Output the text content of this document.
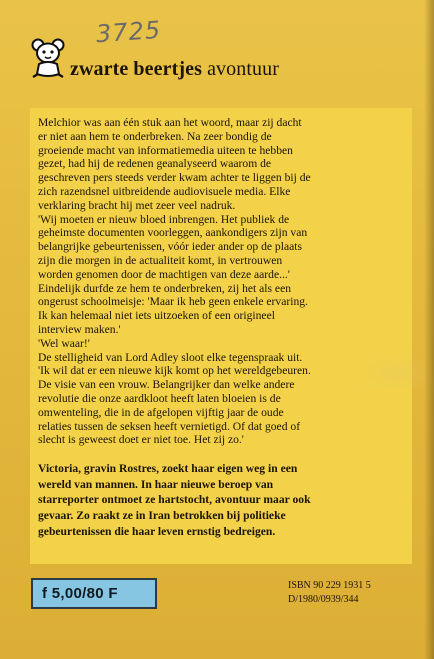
3725
zwarte beertjes avontuur

Melchior was aan één stuk aan het woord, maar zij dacht

er niet aan hem te onderbreken. Na zeer bondig de

groeiende macht van informatiemedia uiteen te hebben

gezet, had hij de redenen geanalyseerd waarom de

geschreven pers steeds verder kwam achter te liggen bij de

zich razendsnel uitbreidende audiovisuele media. Elke

verklaring bracht hij met zeer veel nadruk.

'Wij moeten er nieuw bloed inbrengen. Het publiek de

geheimste documenten voorleggen, aankondigers zijn van

belangrijke gebeurtenissen, vóór ieder ander op de plaats

zijn die morgen in de actualiteit komt, in vertrouwen

worden genomen door de machtigen van deze aarde...'

Eindelijk durfde ze hem te onderbreken, zij het als een

ongerust schoolmeisje: 'Maar ik heb geen enkele ervaring.

Ik kan helemaal niet iets uitzoeken of een origineel

interview maken.'

'Wel waar!'

De stelligheid van Lord Adley sloot elke tegenspraak uit.

'Ik wil dat er een nieuwe kijk komt op het wereldgebeuren.

De visie van een vrouw. Belangrijker dan welke andere

revolutie die onze aardkloot heeft laten bloeien is de

omwenteling, die in de afgelopen vijftig jaar de oude

relaties tussen de seksen heeft vernietigd. Of dat goed of

slecht is geweest doet er niet toe. Het zij zo.'

Victoria, gravin Rostres, zoekt haar eigen weg in een

wereld van mannen. In haar nieuwe beroep van

starreporter ontmoet ze hartstocht, avontuur maar ook

gevaar. Zo raakt ze in Iran betrokken bij politieke

gebeurtenissen die haar leven ernstig bedreigen.

f 5,00/80 F	ISBN 90 229 1931 5
D/1980/0939/344
